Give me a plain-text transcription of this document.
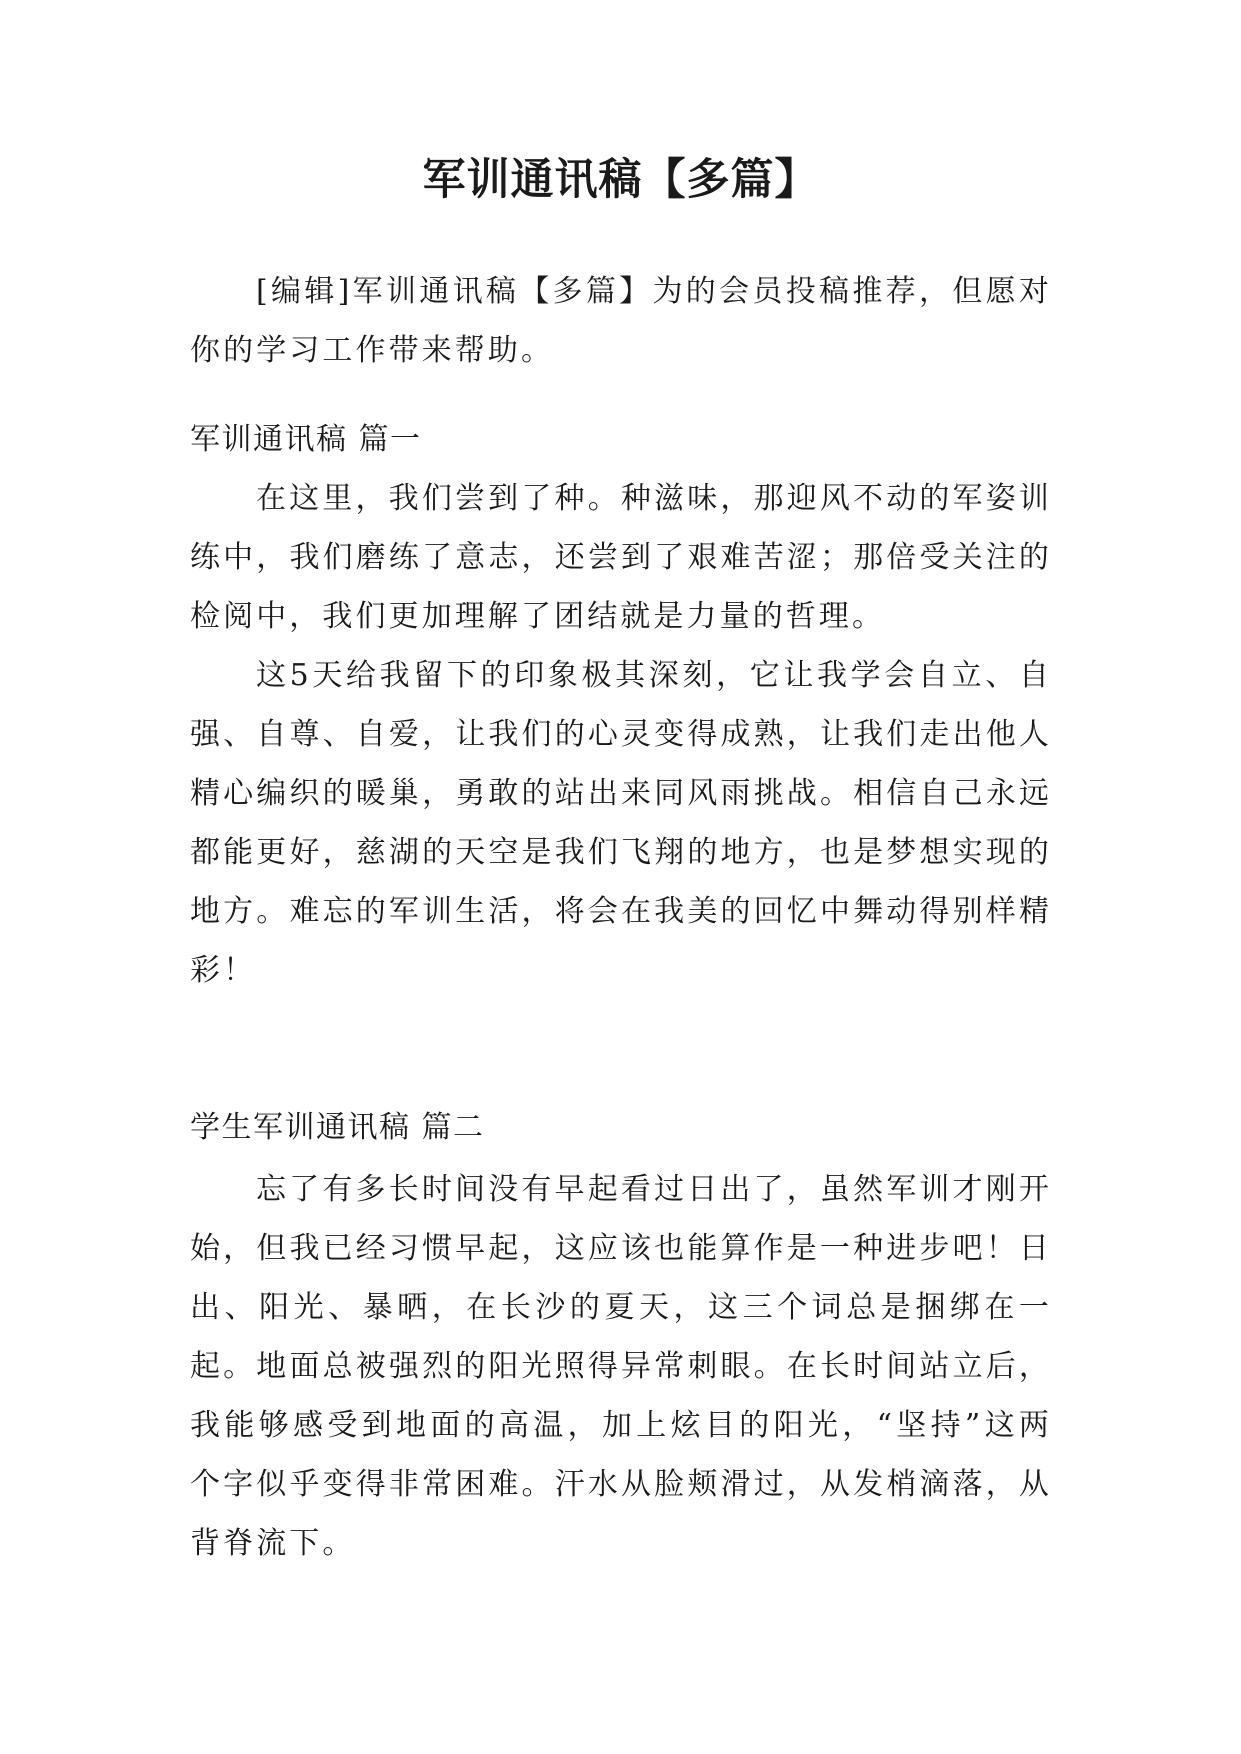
军训通讯稿【多篇】

[编辑]军训通讯稿【多篇】为的会员投稿推荐，但愿对你的学习工作带来帮助。

军训通讯稿 篇一

在这里，我们尝到了种。种滋味，那迎风不动的军姿训练中，我们磨练了意志，还尝到了艰难苦涩；那倍受关注的检阅中，我们更加理解了团结就是力量的哲理。

这5天给我留下的印象极其深刻，它让我学会自立、自强、自尊、自爱，让我们的心灵变得成熟，让我们走出他人精心编织的暖巢，勇敢的站出来同风雨挑战。相信自己永远都能更好，慈湖的天空是我们飞翔的地方，也是梦想实现的地方。难忘的军训生活，将会在我美的回忆中舞动得别样精彩！

学生军训通讯稿 篇二

忘了有多长时间没有早起看过日出了，虽然军训才刚开始，但我已经习惯早起，这应该也能算作是一种进步吧！日出、阳光、暴晒，在长沙的夏天，这三个词总是捆绑在一起。地面总被强烈的阳光照得异常刺眼。在长时间站立后，我能够感受到地面的高温，加上炫目的阳光，“坚持”这两个字似乎变得非常困难。汗水从脸颊滑过，从发梢滴落，从背脊流下。
